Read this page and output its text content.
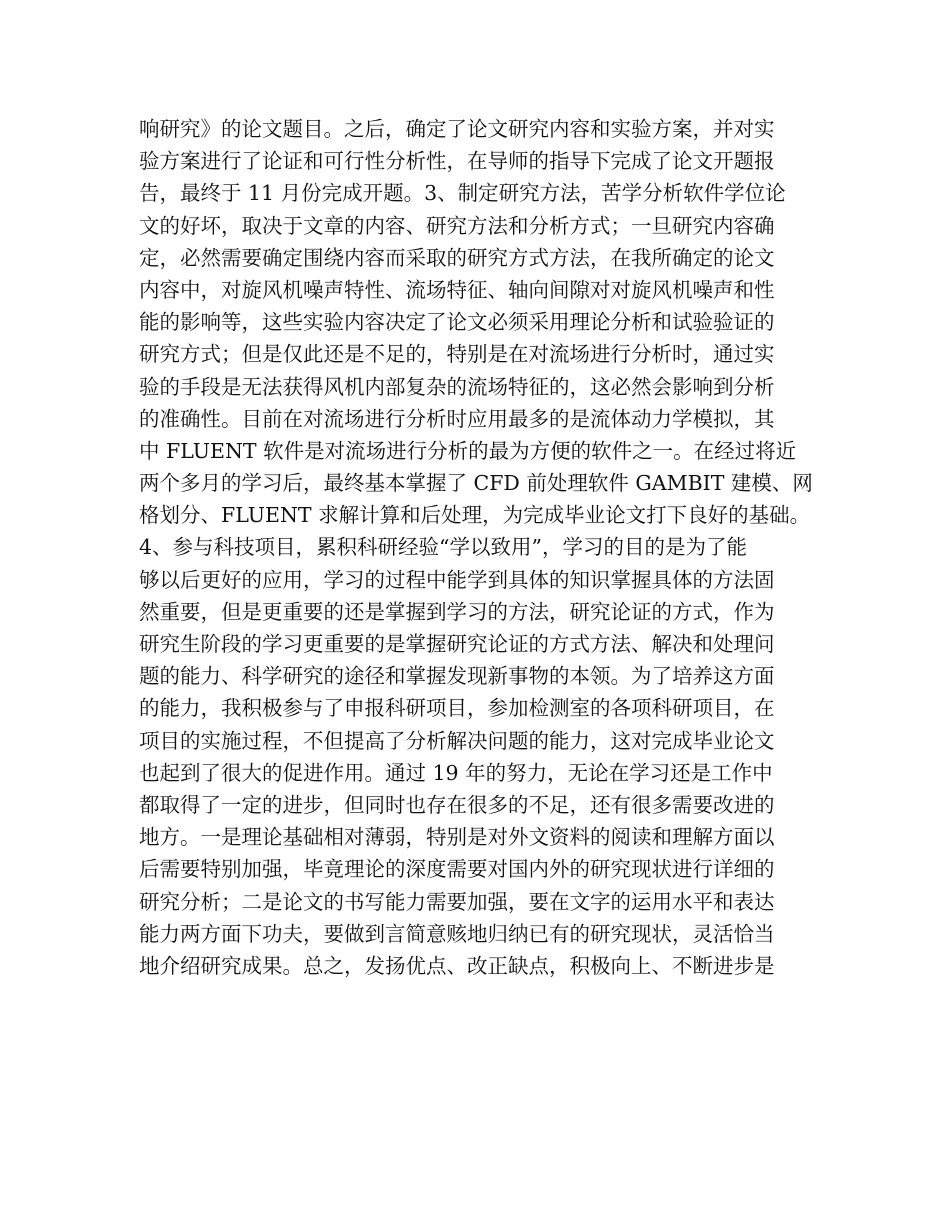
响研究》的论文题目。之后，确定了论文研究内容和实验方案，并对实
验方案进行了论证和可行性分析性，在导师的指导下完成了论文开题报
告，最终于 11 月份完成开题。3、制定研究方法，苦学分析软件学位论
文的好坏，取决于文章的内容、研究方法和分析方式；一旦研究内容确
定，必然需要确定围绕内容而采取的研究方式方法，在我所确定的论文
内容中，对旋风机噪声特性、流场特征、轴向间隙对对旋风机噪声和性
能的影响等，这些实验内容决定了论文必须采用理论分析和试验验证的
研究方式；但是仅此还是不足的，特别是在对流场进行分析时，通过实
验的手段是无法获得风机内部复杂的流场特征的，这必然会影响到分析
的准确性。目前在对流场进行分析时应用最多的是流体动力学模拟，其
中 FLUENT 软件是对流场进行分析的最为方便的软件之一。在经过将近
两个多月的学习后，最终基本掌握了 CFD 前处理软件 GAMBIT 建模、网
格划分、FLUENT 求解计算和后处理，为完成毕业论文打下良好的基础。
4、参与科技项目，累积科研经验“学以致用”，学习的目的是为了能
够以后更好的应用，学习的过程中能学到具体的知识掌握具体的方法固
然重要，但是更重要的还是掌握到学习的方法，研究论证的方式，作为
研究生阶段的学习更重要的是掌握研究论证的方式方法、解决和处理问
题的能力、科学研究的途径和掌握发现新事物的本领。为了培养这方面
的能力，我积极参与了申报科研项目，参加检测室的各项科研项目，在
项目的实施过程，不但提高了分析解决问题的能力，这对完成毕业论文
也起到了很大的促进作用。通过 19 年的努力，无论在学习还是工作中
都取得了一定的进步，但同时也存在很多的不足，还有很多需要改进的
地方。一是理论基础相对薄弱，特别是对外文资料的阅读和理解方面以
后需要特别加强，毕竟理论的深度需要对国内外的研究现状进行详细的
研究分析；二是论文的书写能力需要加强，要在文字的运用水平和表达
能力两方面下功夫，要做到言简意赅地归纳已有的研究现状，灵活恰当
地介绍研究成果。总之，发扬优点、改正缺点，积极向上、不断进步是
